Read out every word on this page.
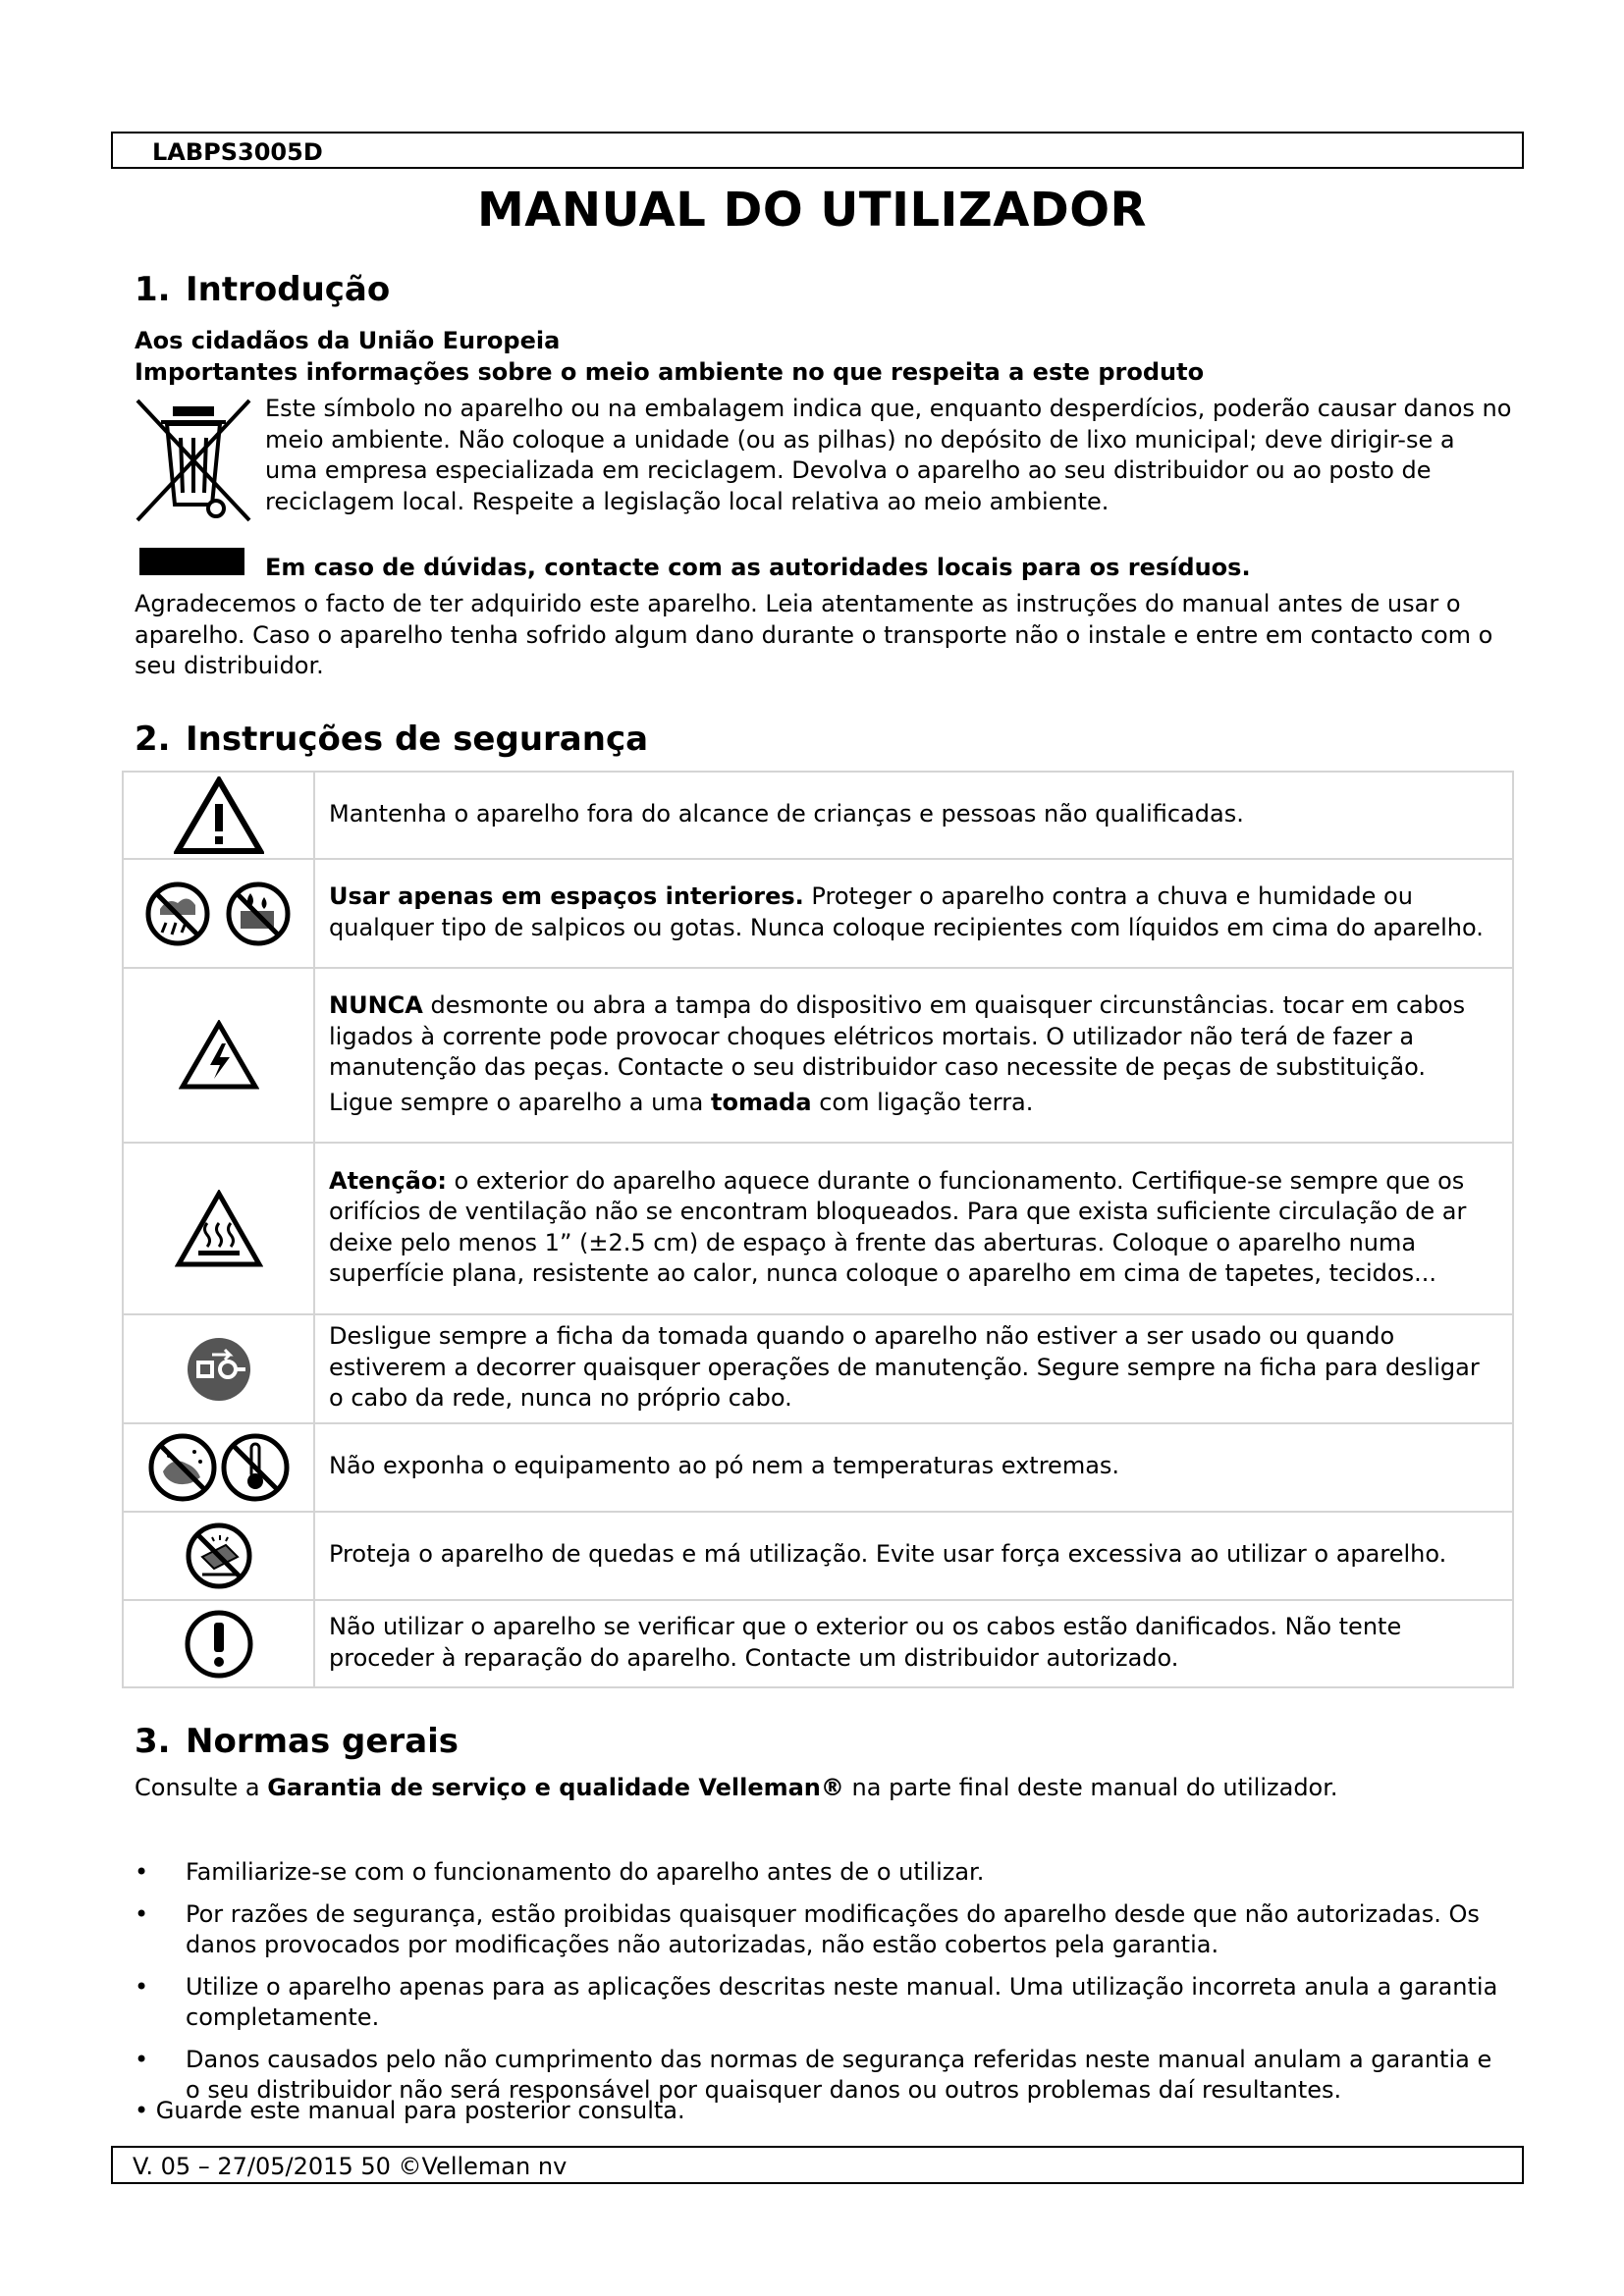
LABPS3005D
MANUAL DO UTILIZADOR
1. Introdução
Aos cidadãos da União Europeia
Importantes informações sobre o meio ambiente no que respeita a este produto
Este símbolo no aparelho ou na embalagem indica que, enquanto desperdícios, poderão causar danos no meio ambiente. Não coloque a unidade (ou as pilhas) no depósito de lixo municipal; deve dirigir-se a uma empresa especializada em reciclagem. Devolva o aparelho ao seu distribuidor ou ao posto de reciclagem local. Respeite a legislação local relativa ao meio ambiente.
Em caso de dúvidas, contacte com as autoridades locais para os resíduos.
Agradecemos o facto de ter adquirido este aparelho. Leia atentamente as instruções do manual antes de usar o aparelho. Caso o aparelho tenha sofrido algum dano durante o transporte não o instale e entre em contacto com o seu distribuidor.
2. Instruções de segurança

Mantenha o aparelho fora do alcance de crianças e pessoas não qualificadas.

Usar apenas em espaços interiores. Proteger o aparelho contra a chuva e humidade ou qualquer tipo de salpicos ou gotas. Nunca coloque recipientes com líquidos em cima do aparelho.

NUNCA desmonte ou abra a tampa do dispositivo em quaisquer circunstâncias. tocar em cabos ligados à corrente pode provocar choques elétricos mortais. O utilizador não terá de fazer a manutenção das peças. Contacte o seu distribuidor caso necessite de peças de substituição.

Ligue sempre o aparelho a uma tomada com ligação terra.

Atenção: o exterior do aparelho aquece durante o funcionamento. Certifique-se sempre que os orifícios de ventilação não se encontram bloqueados. Para que exista suficiente circulação de ar deixe pelo menos 1” (±2.5 cm) de espaço à frente das aberturas. Coloque o aparelho numa superfície plana, resistente ao calor, nunca coloque o aparelho em cima de tapetes, tecidos...

Desligue sempre a ficha da tomada quando o aparelho não estiver a ser usado ou quando estiverem a decorrer quaisquer operações de manutenção. Segure sempre na ficha para desligar o cabo da rede, nunca no próprio cabo.

Não exponha o equipamento ao pó nem a temperaturas extremas.

Proteja o aparelho de quedas e má utilização. Evite usar força excessiva ao utilizar o aparelho.

Não utilizar o aparelho se verificar que o exterior ou os cabos estão danificados. Não tente proceder à reparação do aparelho. Contacte um distribuidor autorizado.

3. Normas gerais
Consulte a Garantia de serviço e qualidade Velleman® na parte final deste manual do utilizador.
• Familiarize-se com o funcionamento do aparelho antes de o utilizar.
• Por razões de segurança, estão proibidas quaisquer modificações do aparelho desde que não autorizadas. Os danos provocados por modificações não autorizadas, não estão cobertos pela garantia.
• Utilize o aparelho apenas para as aplicações descritas neste manual. Uma utilização incorreta anula a garantia completamente.
• Danos causados pelo não cumprimento das normas de segurança referidas neste manual anulam a garantia e o seu distribuidor não será responsável por quaisquer danos ou outros problemas daí resultantes.
• Guarde este manual para posterior consulta.
V. 05 – 27/05/2015 50 ©Velleman nv
